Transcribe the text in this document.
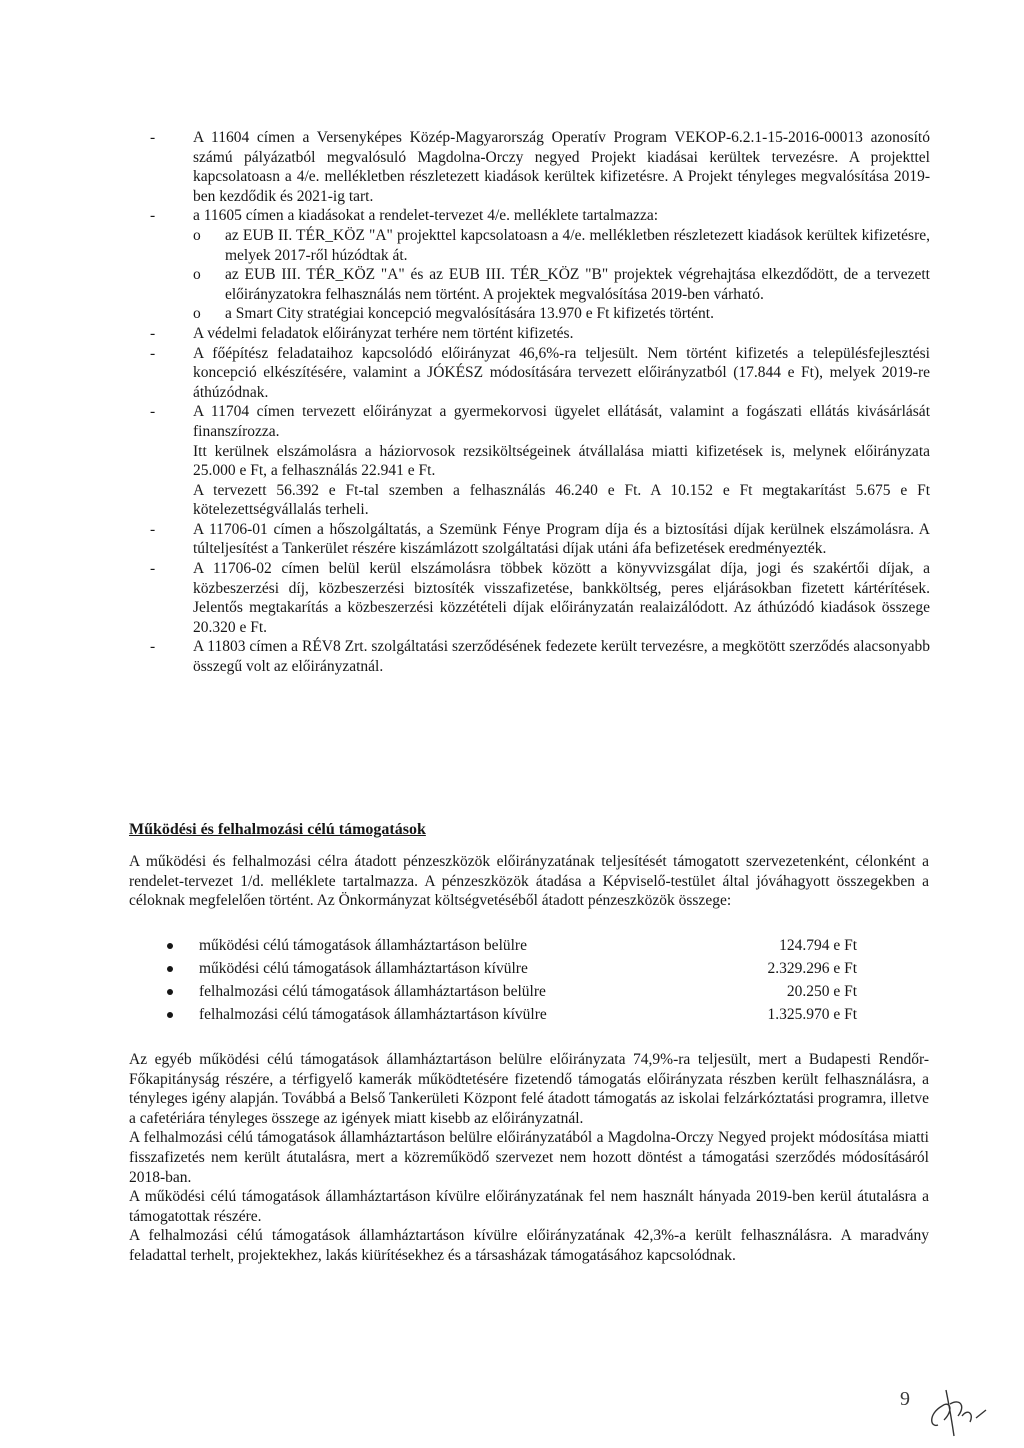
- A 11604 címen a Versenyképes Közép-Magyarország Operatív Program VEKOP-6.2.1-15-2016-00013 azonosító számú pályázatból megvalósuló Magdolna-Orczy negyed Projekt kiadásai kerültek tervezésre. A projekttel kapcsolatoasn a 4/e. mellékletben részletezett kiadások kerültek kifizetésre. A Projekt tényleges megvalósítása 2019-ben kezdődik és 2021-ig tart.

- a 11605 címen a kiadásokat a rendelet-tervezet 4/e. melléklete tartalmazza:

o az EUB II. TÉR_KÖZ "A" projekttel kapcsolatoasn a 4/e. mellékletben részletezett kiadások kerültek kifizetésre, melyek 2017-ről húzódtak át.
o az EUB III. TÉR_KÖZ "A" és az EUB III. TÉR_KÖZ "B" projektek végrehajtása elkezdődött, de a tervezett előirányzatokra felhasználás nem történt. A projektek megvalósítása 2019-ben várható.
o a Smart City stratégiai koncepció megvalósítására 13.970 e Ft kifizetés történt.
- A védelmi feladatok előirányzat terhére nem történt kifizetés.

- A főépítész feladataihoz kapcsolódó előirányzat 46,6%-ra teljesült. Nem történt kifizetés a településfejlesztési koncepció elkészítésére, valamint a JÓKÉSZ módosítására tervezett előirányzatból (17.844 e Ft), melyek 2019-re áthúzódnak.

- A 11704 címen tervezett előirányzat a gyermekorvosi ügyelet ellátását, valamint a fogászati ellátás kivásárlását finanszírozza.

Itt kerülnek elszámolásra a háziorvosok rezsiköltségeinek átvállalása miatti kifizetések is, melynek előirányzata 25.000 e Ft, a felhasználás 22.941 e Ft.

A tervezett 56.392 e Ft-tal szemben a felhasználás 46.240 e Ft. A 10.152 e Ft megtakarítást 5.675 e Ft kötelezettségvállalás terheli.

- A 11706-01 címen a hőszolgáltatás, a Szemünk Fénye Program díja és a biztosítási díjak kerülnek elszámolásra. A túlteljesítést a Tankerület részére kiszámlázott szolgáltatási díjak utáni áfa befizetések eredményezték.

- A 11706-02 címen belül kerül elszámolásra többek között a könyvvizsgálat díja, jogi és szakértői díjak, a közbeszerzési díj, közbeszerzési biztosíték visszafizetése, bankköltség, peres eljárásokban fizetett kártérítések. Jelentős megtakarítás a közbeszerzési közzétételi díjak előirányzatán realaizálódott. Az áthúzódó kiadások összege 20.320 e Ft.

- A 11803 címen a RÉV8 Zrt. szolgáltatási szerződésének fedezete került tervezésre, a megkötött szerződés alacsonyabb összegű volt az előirányzatnál.

Működési és felhalmozási célú támogatások

A működési és felhalmozási célra átadott pénzeszközök előirányzatának teljesítését támogatott szervezetenként, célonként a rendelet-tervezet 1/d. melléklete tartalmazza. A pénzeszközök átadása a Képviselő-testület által jóváhagyott összegekben a céloknak megfelelően történt. Az Önkormányzat költségvetéséből átadott pénzeszközök összege:

működési célú támogatások államháztartáson belülre	124.794 e Ft
működési célú támogatások államháztartáson kívülre	2.329.296 e Ft
felhalmozási célú támogatások államháztartáson belülre	20.250 e Ft
felhalmozási célú támogatások államháztartáson kívülre	1.325.970 e Ft

Az egyéb működési célú támogatások államháztartáson belülre előirányzata 74,9%-ra teljesült, mert a Budapesti Rendőr-Főkapitányság részére, a térfigyelő kamerák működtetésére fizetendő támogatás előirányzata részben került felhasználásra, a tényleges igény alapján. Továbbá a Belső Tankerületi Központ felé átadott támogatás az iskolai felzárkóztatási programra, illetve a cafetériára tényleges összege az igények miatt kisebb az előirányzatnál.

A felhalmozási célú támogatások államháztartáson belülre előirányzatából a Magdolna-Orczy Negyed projekt módosítása miatti fisszafizetés nem került átutalásra, mert a közreműködő szervezet nem hozott döntést a támogatási szerződés módosításáról 2018-ban.

A működési célú támogatások államháztartáson kívülre előirányzatának fel nem használt hányada 2019-ben kerül átutalásra a támogatottak részére.

A felhalmozási célú támogatások államháztartáson kívülre előirányzatának 42,3%-a került felhasználásra. A maradvány feladattal terhelt, projektekhez, lakás kiürítésekhez és a társasházak támogatásához kapcsolódnak.

9
